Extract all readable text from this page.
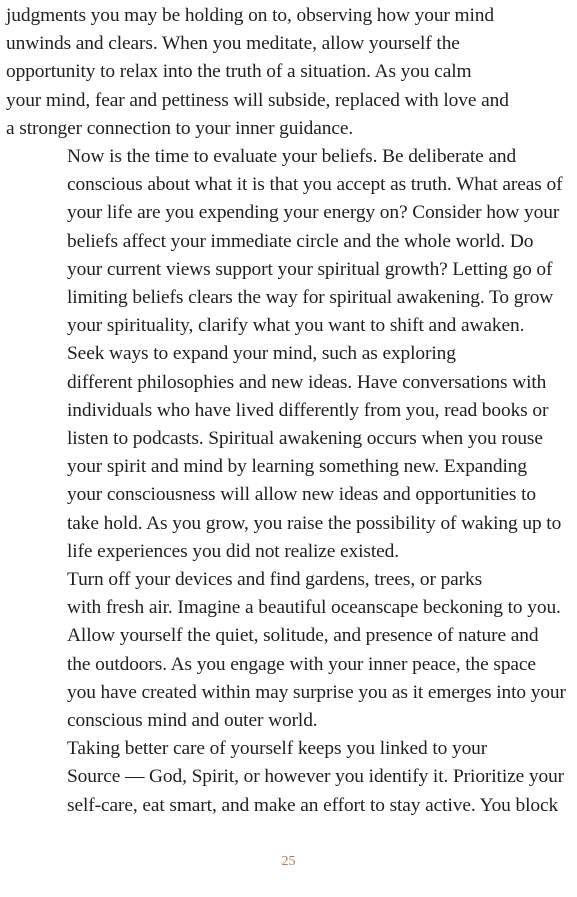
judgments you may be holding on to, observing how your mind
unwinds and clears. When you meditate, allow yourself the
opportunity to relax into the truth of a situation. As you calm
your mind, fear and pettiness will subside, replaced with love and
a stronger connection to your inner guidance.
Now is the time to evaluate your beliefs. Be deliberate and
conscious about what it is that you accept as truth. What areas of
your life are you expending your energy on? Consider how your
beliefs affect your immediate circle and the whole world. Do
your current views support your spiritual growth? Letting go of
limiting beliefs clears the way for spiritual awakening. To grow
your spirituality, clarify what you want to shift and awaken.
Seek ways to expand your mind, such as exploring
different philosophies and new ideas. Have conversations with
individuals who have lived differently from you, read books or
listen to podcasts. Spiritual awakening occurs when you rouse
your spirit and mind by learning something new. Expanding
your consciousness will allow new ideas and opportunities to
take hold. As you grow, you raise the possibility of waking up to
life experiences you did not realize existed.
Turn off your devices and find gardens, trees, or parks
with fresh air. Imagine a beautiful oceanscape beckoning to you.
Allow yourself the quiet, solitude, and presence of nature and
the outdoors. As you engage with your inner peace, the space
you have created within may surprise you as it emerges into your
conscious mind and outer world.
Taking better care of yourself keeps you linked to your
Source — God, Spirit, or however you identify it. Prioritize your
self-care, eat smart, and make an effort to stay active. You block
25
